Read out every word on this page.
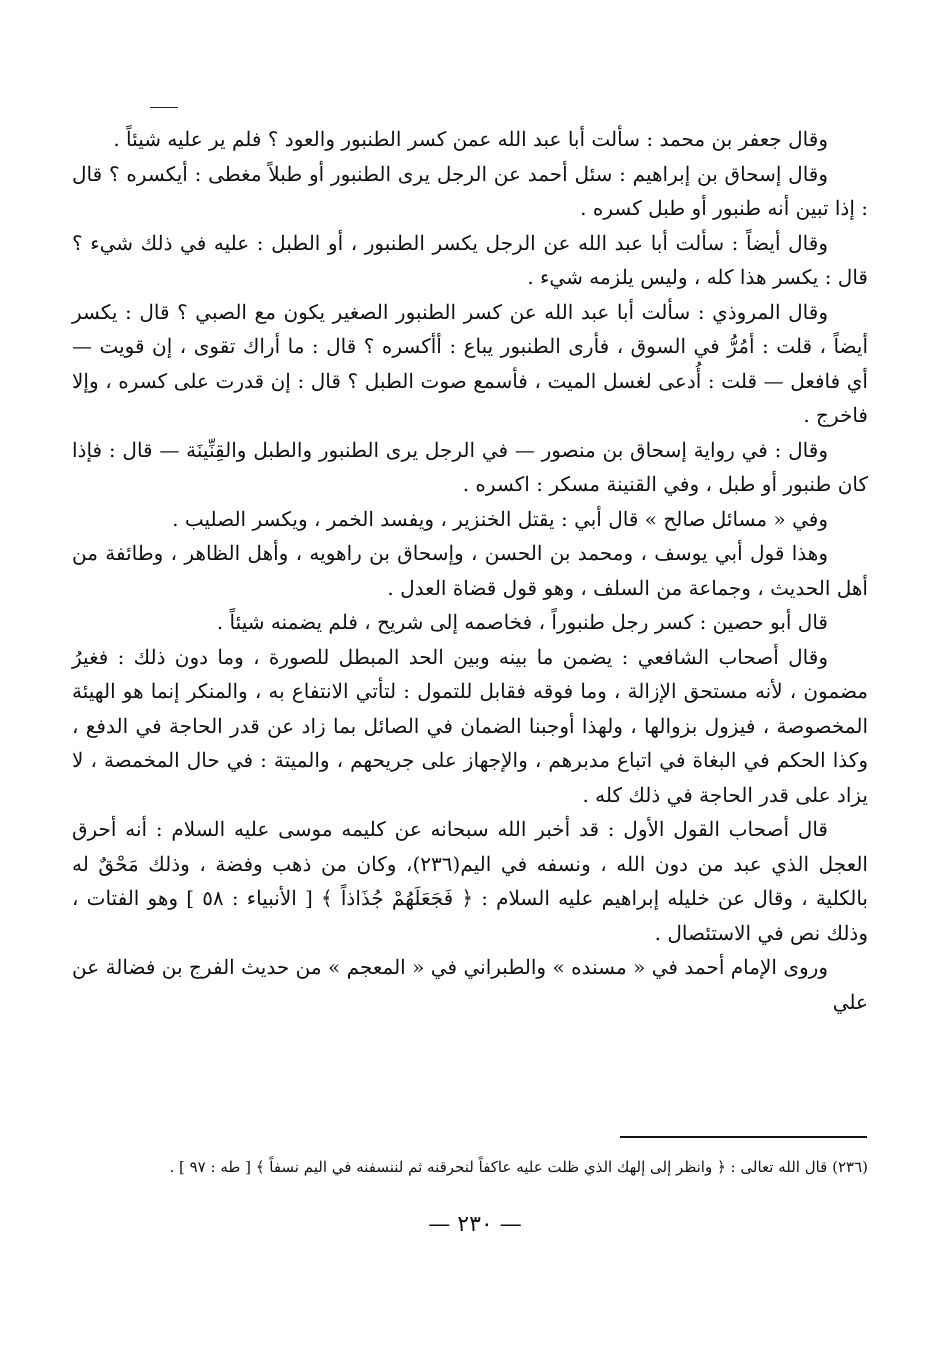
وقال جعفر بن محمد : سألت أبا عبد الله عمن كسر الطنبور والعود ؟ فلم ير عليه شيئاً .

وقال إسحاق بن إبراهيم : سئل أحمد عن الرجل يرى الطنبور أو طبلاً مغطى : أيكسره ؟ قال : إذا تبين أنه طنبور أو طبل كسره .

وقال أيضاً : سألت أبا عبد الله عن الرجل يكسر الطنبور ، أو الطبل : عليه في ذلك شيء ؟ قال : يكسر هذا كله ، وليس يلزمه شيء .

وقال المروذي : سألت أبا عبد الله عن كسر الطنبور الصغير يكون مع الصبي ؟ قال : يكسر أيضاً ، قلت : أمُرُّ في السوق ، فأرى الطنبور يباع : أأكسره ؟ قال : ما أراك تقوى ، إن قويت — أي فافعل — قلت : أُدعى لغسل الميت ، فأسمع صوت الطبل ؟ قال : إن قدرت على كسره ، وإلا فاخرج .

وقال : في رواية إسحاق بن منصور — في الرجل يرى الطنبور والطبل والقِنِّينَة — قال : فإذا كان طنبور أو طبل ، وفي القنينة مسكر : اكسره .

وفي « مسائل صالح » قال أبي : يقتل الخنزير ، ويفسد الخمر ، ويكسر الصليب .

وهذا قول أبي يوسف ، ومحمد بن الحسن ، وإسحاق بن راهويه ، وأهل الظاهر ، وطائفة من أهل الحديث ، وجماعة من السلف ، وهو قول قضاة العدل .

قال أبو حصين : كسر رجل طنبوراً ، فخاصمه إلى شريح ، فلم يضمنه شيئاً .

وقال أصحاب الشافعي : يضمن ما بينه وبين الحد المبطل للصورة ، وما دون ذلك : فغيرُ مضمون ، لأنه مستحق الإزالة ، وما فوقه فقابل للتمول : لتأتي الانتفاع به ، والمنكر إنما هو الهيئة المخصوصة ، فيزول بزوالها ، ولهذا أوجبنا الضمان في الصائل بما زاد عن قدر الحاجة في الدفع ، وكذا الحكم في البغاة في اتباع مدبرهم ، والإجهاز على جريحهم ، والميتة : في حال المخمصة ، لا يزاد على قدر الحاجة في ذلك كله .

قال أصحاب القول الأول : قد أخبر الله سبحانه عن كليمه موسى عليه السلام : أنه أحرق العجل الذي عبد من دون الله ، ونسفه في اليم(٢٣٦)، وكان من ذهب وفضة ، وذلك مَحْقٌ له بالكلية ، وقال عن خليله إبراهيم عليه السلام : ﴿ فَجَعَلَهُمْ جُذَاذاً ﴾ [ الأنبياء : ٥٨ ] وهو الفتات ، وذلك نص في الاستئصال .

وروى الإمام أحمد في « مسنده » والطبراني في « المعجم » من حديث الفرج بن فضالة عن علي

(٢٣٦) قال الله تعالى : ﴿ وانظر إلى إلهك الذي ظلت عليه عاكفاً لنحرقنه ثم لننسفنه في اليم نسفاً ﴾ [ طه : ٩٧ ] .

— ٢٣٠ —
